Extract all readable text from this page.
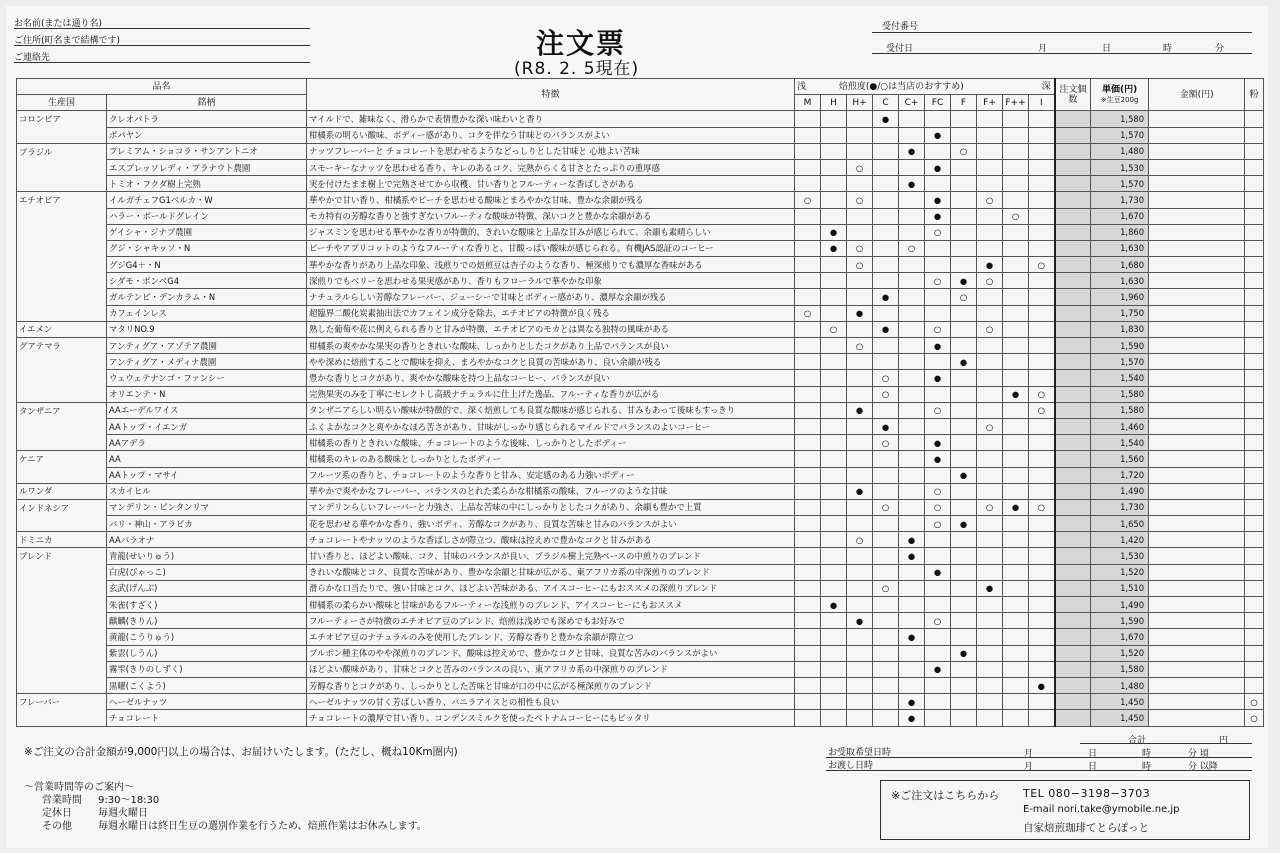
お名前(または通り名)
ご住所(町名まで結構です)
ご連絡先	注文票
(R8. 2. 5現在)
受付番号
受付日	月	日	時	分
品名		特徴	浅 焙煎度(●/○は当店のおすすめ) 深										注文個数	単価(円)
※生豆200g	金額(円)	粉
生産国	銘柄		M	H	H+	C	C+	FC	F	F+	F++	I				
コロンビア	クレオパトラ	マイルドで、雑味なく、滑らかで表情豊かな深い味わいと香り				●								1,580		
	ポパヤン	柑橘系の明るい酸味、ボディー感があり、コクを伴なう甘味とのバランスがよい						●						1,570		
ブラジル	プレミアム・ショコラ・サンアントニオ	ナッツフレーバーと チョコレートを思わせるようなどっしりとした甘味と 心地よい苦味					●		○					1,480		
	エスプレッソレディ・プラナウト農園	スモーキーなナッツを思わせる香り、キレのあるコク、完熟からくる甘さとたっぷりの重厚感			○			●						1,530		
	トミオ・フクダ樹上完熟	実を付けたまま樹上で完熟させてから収穫、甘い香りとフルーティーな香ばしさがある					●							1,570		
エチオピア	イルガチェフG1ベルカ・W	華やかで甘い香り、柑橘系やピーチを思わせる酸味とまろやかな甘味、豊かな余韻が残る	○		○			●		○				1,730		
	ハラー・ボールドグレイン	モカ特有の芳醇な香りと強すぎないフルーティな酸味が特徴、深いコクと豊かな余韻がある						●			○			1,670		
	ゲイシャ・ジナブ農園	ジャスミンを思わせる華やかな香りが特徴的、きれいな酸味と上品な甘みが感じられて、余韻も素晴らしい		●				○						1,860		
	グジ・シャキッソ・N	ピーチやアプリコットのようなフルーティな香りと、甘酸っぱい酸味が感じられる。有機JAS認証のコーヒー		●	○		○							1,630		
	グジG4＋・N	華やかな香りがあり上品な印象、浅煎りでの焙煎豆は杏子のような香り、極深煎りでも濃厚な香味がある			○					●		○		1,680		
	シダモ・ボンベG4	深煎りでもベリーを思わせる果実感があり、香りもフローラルで華やかな印象						○	●	○				1,630		
	ガルテンビ・デンカラム・N	ナチュラルらしい芳醇なフレーバー、ジューシーで甘味とボディー感があり、濃厚な余韻が残る				●			○					1,960		
	カフェインレス	超臨界二酸化炭素抽出法でカフェイン成分を除去、エチオピアの特徴が良く残る	○		●									1,750		
イエメン	マタリNO.9	熟した葡萄や花に例えられる香りと甘みが特徴、エチオピアのモカとは異なる独特の風味がある		○		●		○		○				1,830		
グアテマラ	アンティグア・アゾテア農園	柑橘系の爽やかな果実の香りときれいな酸味、しっかりとしたコクがあり上品でバランスが良い			○			●						1,590		
	アンティグア・メディナ農園	やや深めに焙煎することで酸味を抑え、まろやかなコクと良質の苦味があり、良い余韻が残る							●					1,570		
	ウェウェテナンゴ・ファンシー	豊かな香りとコクがあり、爽やかな酸味を持つ上品なコーヒー、バランスが良い				○		●						1,540		
	オリエンテ・N	完熟果実のみを丁寧にセレクトし高級ナチュラルに仕上げた逸品、フルーティな香りが広がる				○					●	○		1,580		
タンザニア	AAエーデルワイス	タンザニアらしい明るい酸味が特徴的で、深く焙煎しても良質な酸味が感じられる、甘みもあって後味もすっきり			●			○				○		1,580		
	AAトップ・イエンガ	ふくよかなコクと爽やかなほろ苦さがあり、甘味がしっかり感じられるマイルドでバランスのよいコーヒー				●				○				1,460		
	AAアデラ	柑橘系の香りときれいな酸味、チョコレートのような後味、しっかりとしたボディー				○		●						1,540		
ケニア	AA	柑橘系のキレのある酸味としっかりとしたボディー						●						1,560		
	AAトップ・マサイ	フルーツ系の香りと、チョコレートのような香りと甘み、安定感のある力強いボディー							●					1,720		
ルワンダ	スカイヒル	華やかで爽やかなフレーバー、バランスのとれた柔らかな柑橘系の酸味、フルーツのような甘味			●			○						1,490		
インドネシア	マンデリン・ビンタンリマ	マンデリンらしいフレーバーと力強さ、上品な苦味の中にしっかりとしたコクがあり、余韻も豊かで上質				○		○		○	●	○		1,730		
	バリ・神山・アラビカ	花を思わせる華やかな香り、強いボディ、芳醇なコクがあり、良質な苦味と甘みのバランスがよい						○	●					1,650		
ドミニカ	AAバラオナ	チョコレートやナッツのような香ばしさが際立つ、酸味は控えめで豊かなコクと甘みがある			○		●							1,420		
ブレンド	青龍(せいりゅう)	甘い香りと、ほどよい酸味、コク、甘味のバランスが良い、ブラジル樹上完熟ベースの中煎りのブレンド					●							1,530		
	白虎(びゃっこ)	きれいな酸味とコク、良質な苦味があり、豊かな余韻と甘味が広がる、東アフリカ系の中深煎りのブレンド						●						1,520		
	玄武(げんぶ)	滑らかな口当たりで、強い甘味とコク、ほどよい苦味がある、アイスコーヒーにもおススメの深煎りブレンド				○				●				1,510		
	朱雀(すざく)	柑橘系の柔らかい酸味と甘味があるフルーティーな浅煎りのブレンド、アイスコーヒーにもおススメ		●										1,490		
	麒麟(きりん)	フルーティーさが特徴のエチオピア豆のブレンド、焙煎は浅めでも深めでもお好みで			●			○						1,590		
	黄龍(こうりゅう)	エチオピア豆のナチュラルのみを使用したブレンド、芳醇な香りと豊かな余韻が際立つ					●							1,670		
	紫雲(しうん)	ブルボン種主体のやや深煎りのブレンド、酸味は控えめで、豊かなコクと甘味、良質な苦みのバランスがよい							●					1,520		
	霧雫(きりのしずく)	ほどよい酸味があり、甘味とコクと苦みのバランスの良い、東アフリカ系の中深煎りのブレンド						●						1,580		
	黒曜(こくよう)	芳醇な香りとコクがあり、しっかりとした苦味と甘味が口の中に広がる極深煎りのブレンド										●		1,480		
フレーバー	ヘーゼルナッツ	ヘーゼルナッツの甘く芳ばしい香り、バニラアイスとの相性も良い					●							1,450		○
	チョコレート	チョコレートの濃厚で甘い香り、コンデンスミルクを使ったベトナムコーヒーにもピッタリ					●							1,450		○
※ご注文の合計金額が9,000円以上の場合は、お届けいたします。(ただし、概ね10Km圏内)
〜営業時間等のご案内〜
営業時間 9:30〜18:30
定休日	毎週火曜日
その他	毎週水曜日は終日生豆の選別作業を行うため、焙煎作業はお休みします。
合計	円
お受取希望日時	月	日	時	分 頃
お渡し日時	月	日	時	分 以降
※ご注文はこちらから TEL 080−3198−3703
E-mail nori.take@ymobile.ne.jp
自家焙煎珈琲てとらぽっと
